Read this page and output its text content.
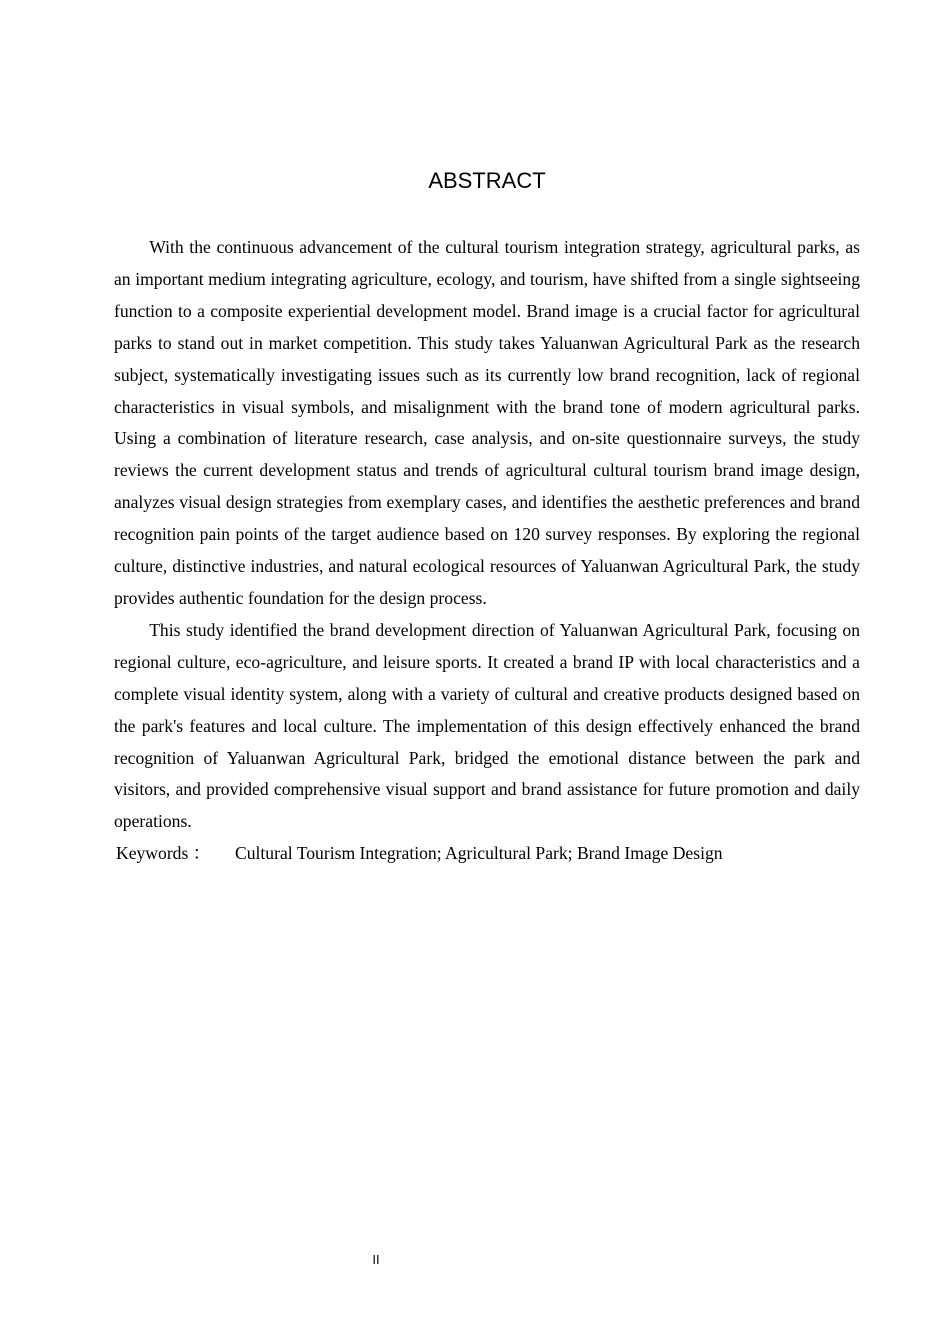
ABSTRACT

With the continuous advancement of the cultural tourism integration strategy, agricultural parks, as an important medium integrating agriculture, ecology, and tourism, have shifted from a single sightseeing function to a composite experiential development model. Brand image is a crucial factor for agricultural parks to stand out in market competition. This study takes Yaluanwan Agricultural Park as the research subject, systematically investigating issues such as its currently low brand recognition, lack of regional characteristics in visual symbols, and misalignment with the brand tone of modern agricultural parks. Using a combination of literature research, case analysis, and on-site questionnaire surveys, the study reviews the current development status and trends of agricultural cultural tourism brand image design, analyzes visual design strategies from exemplary cases, and identifies the aesthetic preferences and brand recognition pain points of the target audience based on 120 survey responses. By exploring the regional culture, distinctive industries, and natural ecological resources of Yaluanwan Agricultural Park, the study provides authentic foundation for the design process.

This study identified the brand development direction of Yaluanwan Agricultural Park, focusing on regional culture, eco-agriculture, and leisure sports. It created a brand IP with local characteristics and a complete visual identity system, along with a variety of cultural and creative products designed based on the park's features and local culture. The implementation of this design effectively enhanced the brand recognition of Yaluanwan Agricultural Park, bridged the emotional distance between the park and visitors, and provided comprehensive visual support and brand assistance for future promotion and daily operations.

Keywords ：	Cultural Tourism Integration; Agricultural Park; Brand Image Design
II
